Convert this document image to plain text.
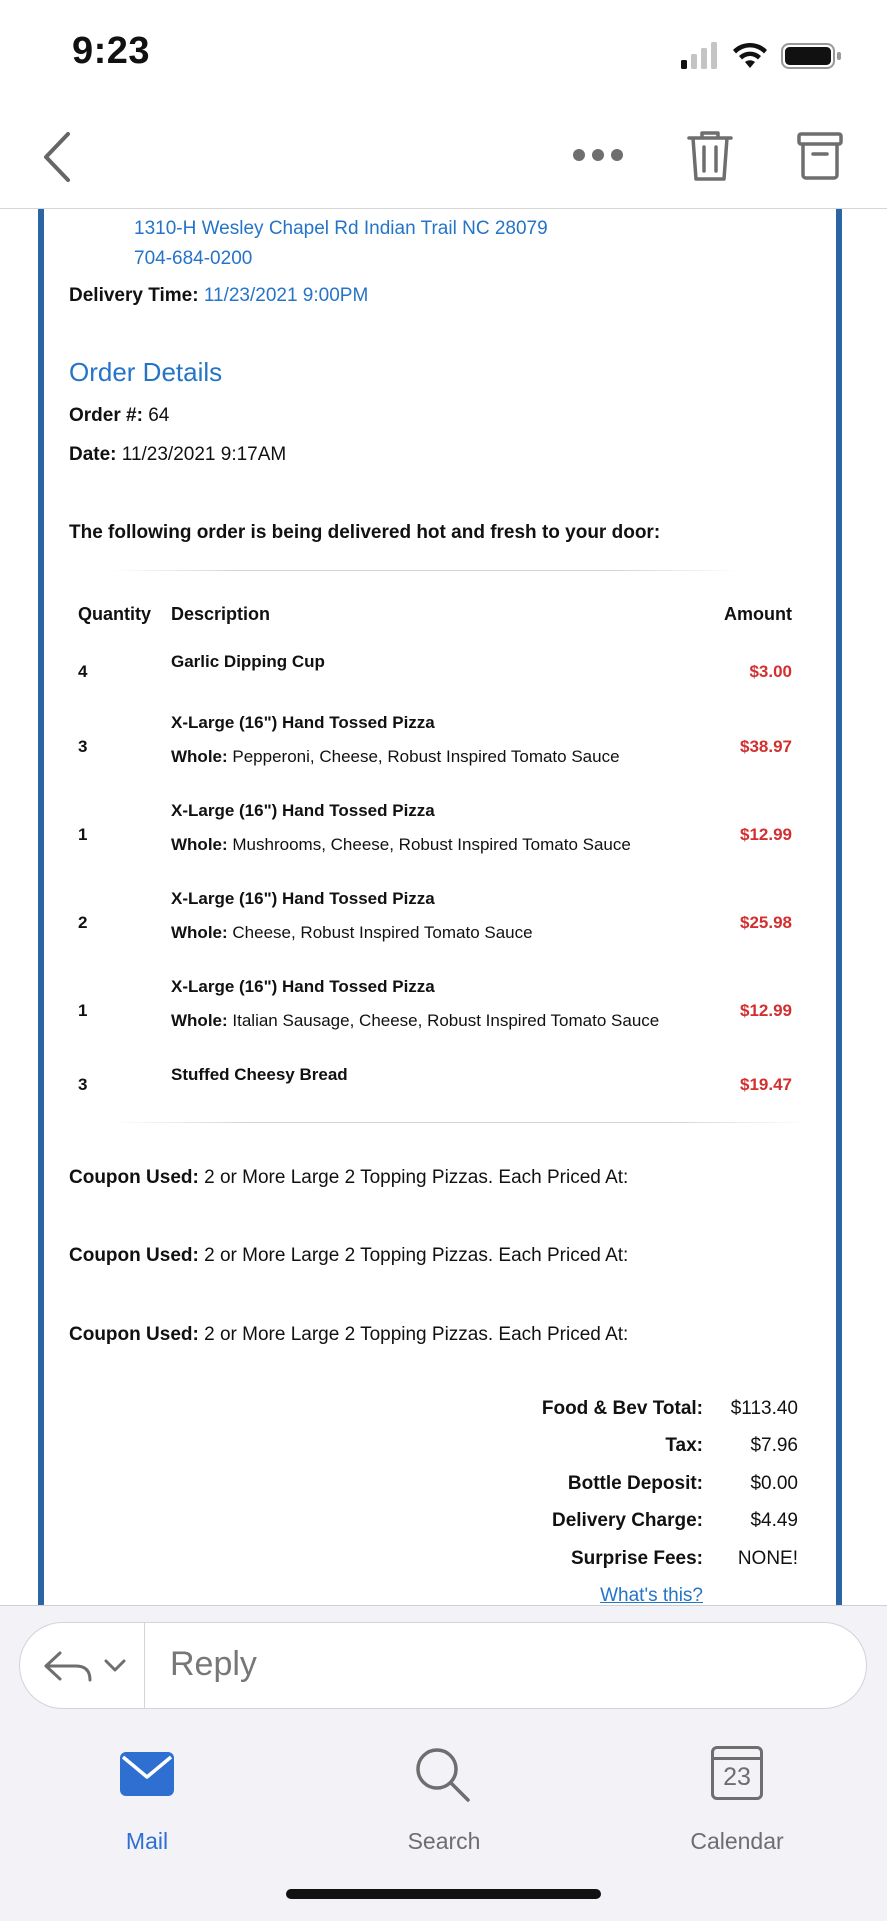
9:23
1310-H Wesley Chapel Rd Indian Trail NC 28079
704-684-0200
Delivery Time: 11/23/2021 9:00PM
Order Details
Order #: 64
Date: 11/23/2021 9:17AM
The following order is being delivered hot and fresh to your door:
Quantity Description	Amount
4
Garlic Dipping Cup
$3.00
3
X-Large (16") Hand Tossed Pizza
Whole: Pepperoni, Cheese, Robust Inspired Tomato Sauce
$38.97
1
X-Large (16") Hand Tossed Pizza
Whole: Mushrooms, Cheese, Robust Inspired Tomato Sauce
$12.99
2
X-Large (16") Hand Tossed Pizza
Whole: Cheese, Robust Inspired Tomato Sauce
$25.98
1
X-Large (16") Hand Tossed Pizza
Whole: Italian Sausage, Cheese, Robust Inspired Tomato Sauce
$12.99
3
Stuffed Cheesy Bread
$19.47
Coupon Used: 2 or More Large 2 Topping Pizzas. Each Priced At:
Coupon Used: 2 or More Large 2 Topping Pizzas. Each Priced At:
Coupon Used: 2 or More Large 2 Topping Pizzas. Each Priced At:
Food & Bev Total: $113.40
Tax: $7.96
Bottle Deposit: $0.00
Delivery Charge: $4.49
Surprise Fees: NONE!
What's this?
Reply
Mail	Search
23
Calendar
